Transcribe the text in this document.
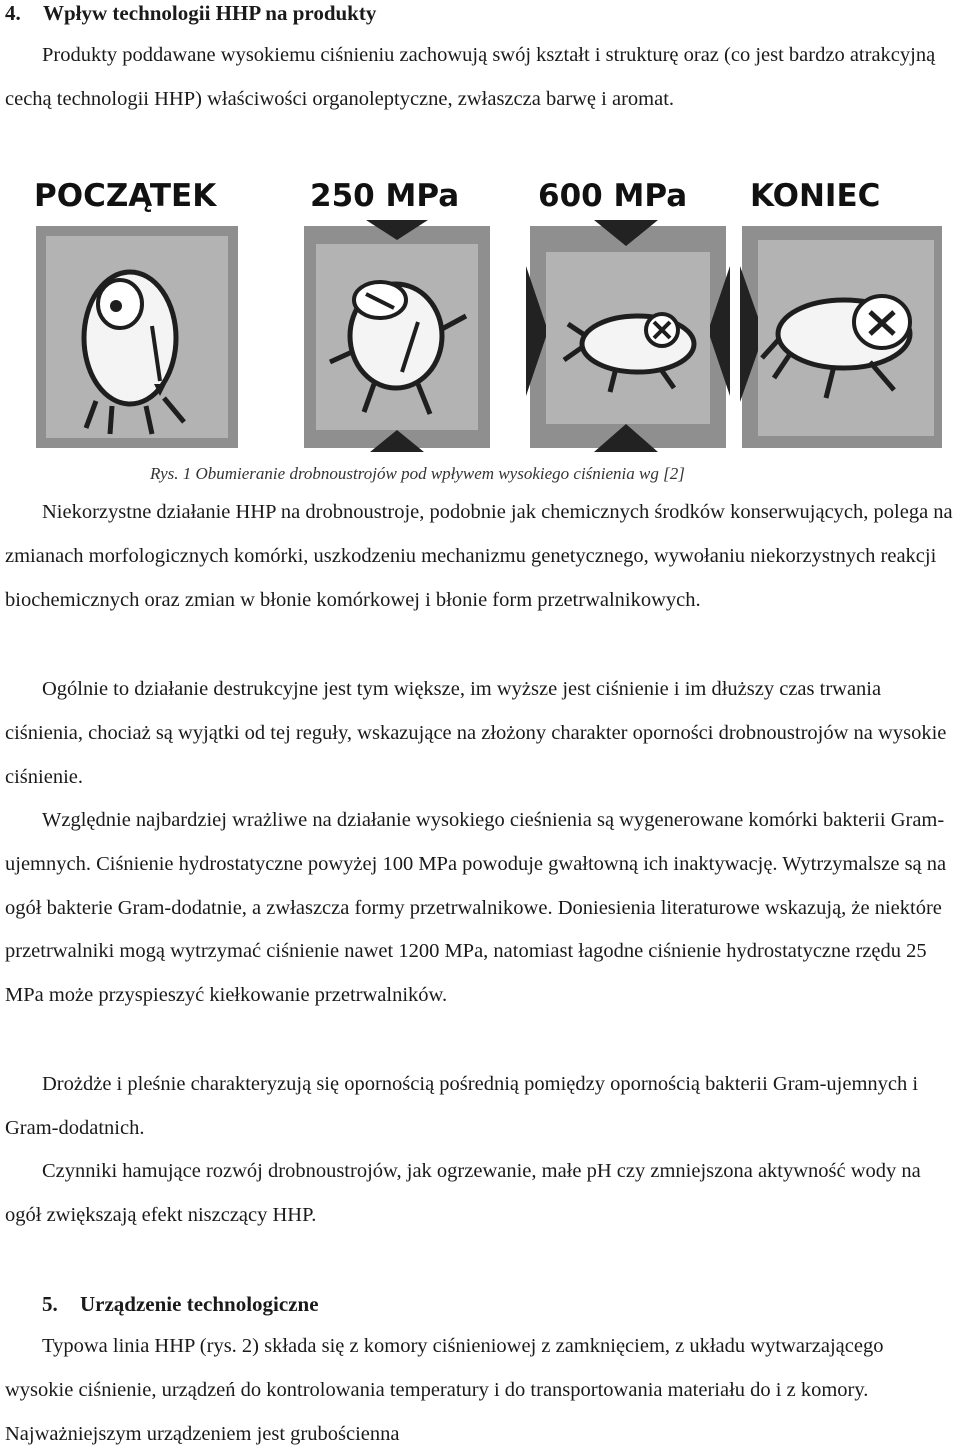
4. Wpływ technologii HHP na produkty

Produkty poddawane wysokiemu ciśnieniu zachowują swój kształt i strukturę oraz (co jest bardzo atrakcyjną cechą technologii HHP) właściwości organoleptyczne, zwłaszcza barwę i aromat.

POCZĄTEK	250 MPa	600 MPa KONIEC

Rys. 1 Obumieranie drobnoustrojów pod wpływem wysokiego ciśnienia wg [2]

Niekorzystne działanie HHP na drobnoustroje, podobnie jak chemicznych środków konserwujących, polega na zmianach morfologicznych komórki, uszkodzeniu mechanizmu genetycznego, wywołaniu niekorzystnych reakcji biochemicznych oraz zmian w błonie komórkowej i błonie form przetrwalnikowych.

Ogólnie to działanie destrukcyjne jest tym większe, im wyższe jest ciśnienie i im dłuższy czas trwania ciśnienia, chociaż są wyjątki od tej reguły, wskazujące na złożony charakter oporności drobnoustrojów na wysokie ciśnienie.

Względnie najbardziej wrażliwe na działanie wysokiego cieśnienia są wygenerowane komórki bakterii Gram-ujemnych. Ciśnienie hydrostatyczne powyżej 100 MPa powoduje gwałtowną ich inaktywację. Wytrzymalsze są na ogół bakterie Gram-dodatnie, a zwłaszcza formy przetrwalnikowe. Doniesienia literaturowe wskazują, że niektóre przetrwalniki mogą wytrzymać ciśnienie nawet 1200 MPa, natomiast łagodne ciśnienie hydrostatyczne rzędu 25 MPa może przyspieszyć kiełkowanie przetrwalników.

Drożdże i pleśnie charakteryzują się opornością pośrednią pomiędzy opornością bakterii Gram-ujemnych i Gram-dodatnich.

Czynniki hamujące rozwój drobnoustrojów, jak ogrzewanie, małe pH czy zmniejszona aktywność wody na ogół zwiększają efekt niszczący HHP.

5. Urządzenie technologiczne

Typowa linia HHP (rys. 2) składa się z komory ciśnieniowej z zamknięciem, z układu wytwarzającego wysokie ciśnienie, urządzeń do kontrolowania temperatury i do transportowania materiału do i z komory. Najważniejszym urządzeniem jest grubościenna
